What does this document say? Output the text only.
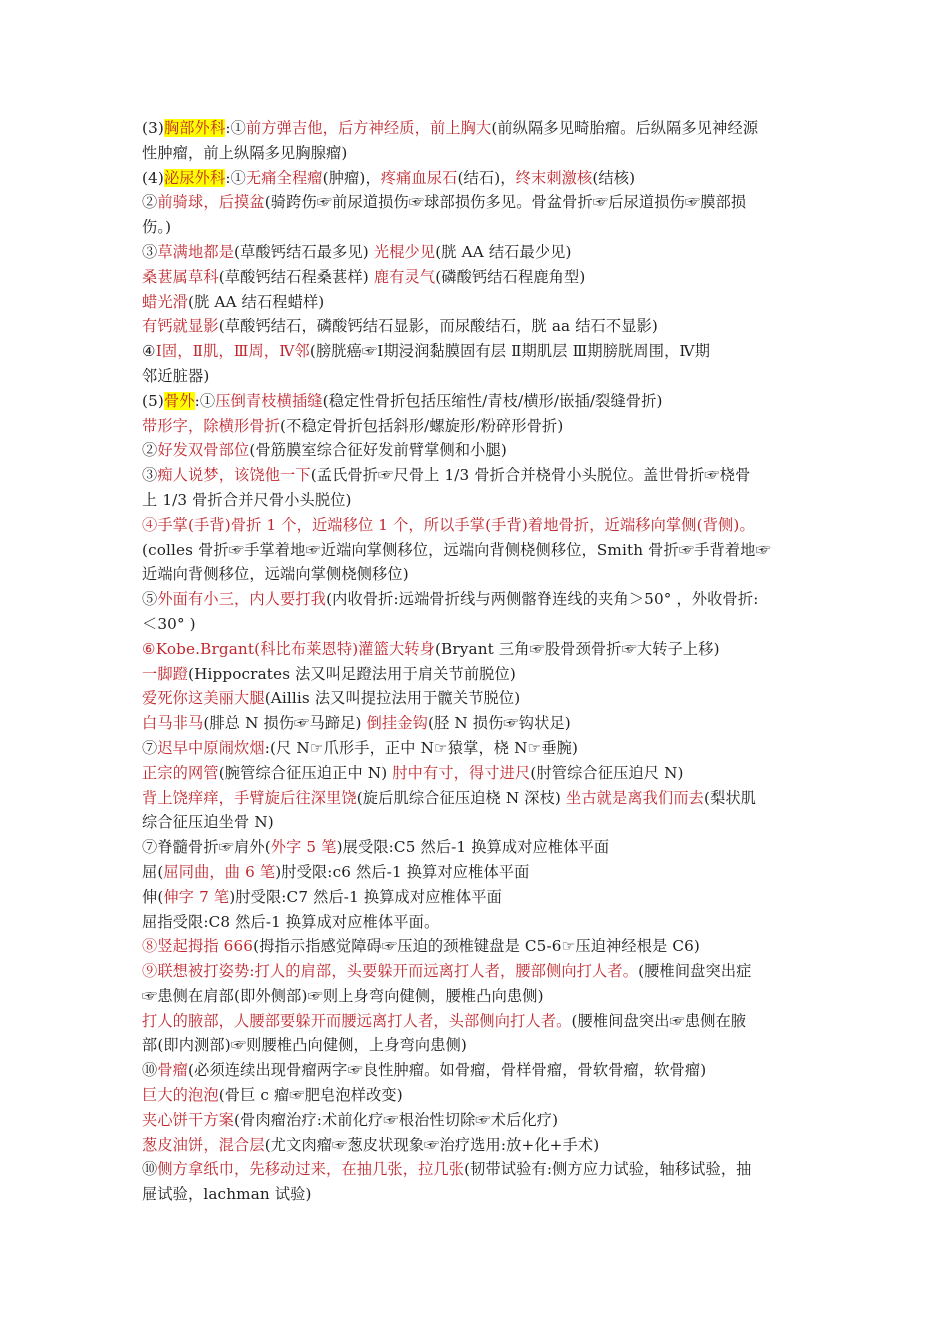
(3)胸部外科:①前方弹吉他，后方神经质，前上胸大(前纵隔多见畸胎瘤。后纵隔多见神经源
性肿瘤，前上纵隔多见胸腺瘤)
(4)泌尿外科:①无痛全程瘤(肿瘤)，疼痛血尿石(结石)，终末刺激核(结核)
②前骑球，后摸盆(骑跨伤☞前尿道损伤☞球部损伤多见。骨盆骨折☞后尿道损伤☞膜部损
伤。)
③草满地都是(草酸钙结石最多见) 光棍少见(胱 AA 结石最少见)
桑葚属草科(草酸钙结石程桑葚样) 鹿有灵气(磷酸钙结石程鹿角型)
蜡光滑(胱 AA 结石程蜡样)
有钙就显影(草酸钙结石，磷酸钙结石显影，而尿酸结石，胱 aa 结石不显影)
④Ⅰ固，Ⅱ肌，Ⅲ周，Ⅳ邻(膀胱癌☞Ⅰ期浸润黏膜固有层 Ⅱ期肌层 Ⅲ期膀胱周围，Ⅳ期
邻近脏器)
(5)骨外:①压倒青枝横插缝(稳定性骨折包括压缩性/青枝/横形/嵌插/裂缝骨折)
带形字，除横形骨折(不稳定骨折包括斜形/螺旋形/粉碎形骨折)
②好发双骨部位(骨筋膜室综合征好发前臂掌侧和小腿)
③痴人说梦，该饶他一下(孟氏骨折☞尺骨上 1/3 骨折合并桡骨小头脱位。盖世骨折☞桡骨
上 1/3 骨折合并尺骨小头脱位)
④手掌(手背)骨折 1 个，近端移位 1 个，所以手掌(手背)着地骨折，近端移向掌侧(背侧)。
(colles 骨折☞手掌着地☞近端向掌侧移位，远端向背侧桡侧移位，Smith 骨折☞手背着地☞
近端向背侧移位，远端向掌侧桡侧移位)
⑤外面有小三，内人要打我(内收骨折:远端骨折线与两侧髂脊连线的夹角＞50° ，外收骨折:
＜30° )
⑥Kobe.Brgant(科比布莱恩特)灌篮大转身(Bryant 三角☞股骨颈骨折☞大转子上移)
一脚蹬(Hippocrates 法又叫足蹬法用于肩关节前脱位)
爱死你这美丽大腿(Aillis 法又叫提拉法用于髋关节脱位)
白马非马(腓总 N 损伤☞马蹄足) 倒挂金钩(胫 N 损伤☞钩状足)
⑦迟早中原闹炊烟:(尺 N☞爪形手，正中 N☞猿掌，桡 N☞垂腕)
正宗的网管(腕管综合征压迫正中 N) 肘中有寸，得寸进尺(肘管综合征压迫尺 N)
背上饶痒痒，手臂旋后往深里饶(旋后肌综合征压迫桡 N 深枝) 坐古就是离我们而去(梨状肌
综合征压迫坐骨 N)
⑦脊髓骨折☞肩外(外字 5 笔)展受限:C5 然后-1 换算成对应椎体平面
屈(屈同曲，曲 6 笔)肘受限:c6 然后-1 换算对应椎体平面
伸(伸字 7 笔)肘受限:C7 然后-1 换算成对应椎体平面
屈指受限:C8 然后-1 换算成对应椎体平面。
⑧竖起拇指 666(拇指示指感觉障碍☞压迫的颈椎键盘是 C5-6☞压迫神经根是 C6)
⑨联想被打姿势:打人的肩部，头要躲开而远离打人者，腰部侧向打人者。(腰椎间盘突出症
☞患侧在肩部(即外侧部)☞则上身弯向健侧，腰椎凸向患侧)
打人的腋部，人腰部要躲开而腰远离打人者，头部侧向打人者。(腰椎间盘突出☞患侧在腋
部(即内测部)☞则腰椎凸向健侧，上身弯向患侧)
⑩骨瘤(必须连续出现骨瘤两字☞良性肿瘤。如骨瘤，骨样骨瘤，骨软骨瘤，软骨瘤)
巨大的泡泡(骨巨 c 瘤☞肥皂泡样改变)
夹心饼干方案(骨肉瘤治疗:术前化疗☞根治性切除☞术后化疗)
葱皮油饼，混合层(尤文肉瘤☞葱皮状现象☞治疗选用:放+化+手术)
⑩侧方拿纸巾，先移动过来，在抽几张，拉几张(韧带试验有:侧方应力试验，轴移试验，抽
屉试验，lachman 试验)
